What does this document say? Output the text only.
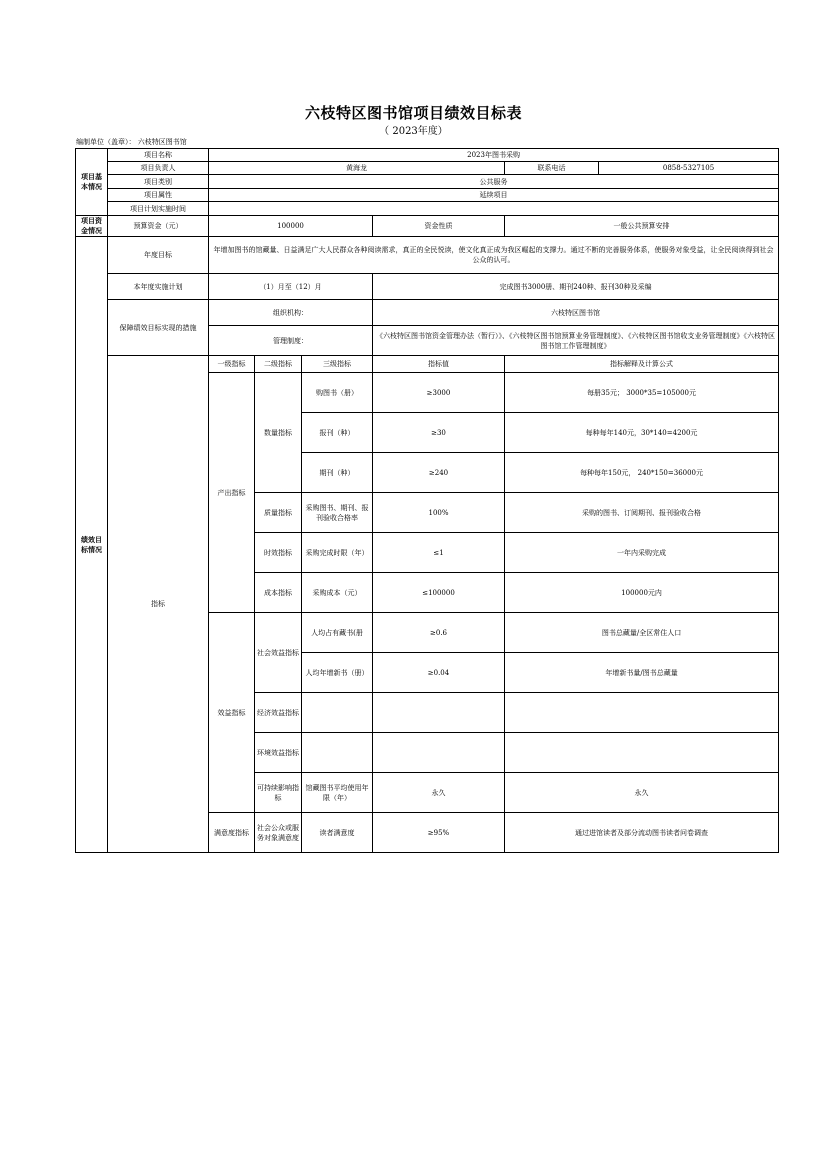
六枝特区图书馆项目绩效目标表
（ 2023年度）
编制单位（盖章）： 六枝特区图书馆
项目基本情况	项目名称	2023年图书采购					
	项目负责人	黄海龙				联系电话	0858-5327105
	项目类别	公共服务					
	项目属性	延续项目					
	项目计划实施时间						
项目资金情况	预算资金（元）	100000			资金性质	一般公共预算安排	
绩效目标情况	年度目标	年增加图书的馆藏量、日益满足广大人民群众各种阅读需求，真正的全民悦读，使文化真正成为我区崛起的支撑力。通过不断的完善服务体系，使服务对象受益，让全民阅读得到社会公众的认可。					
	本年度实施计划	（1）月至（12）月			完成图书3000册、期刊240种、报刊30种及采编		
	保障绩效目标实现的措施	组织机构：			六枝特区图书馆		
		管理制度：			《六枝特区图书馆资金管理办法（暂行）》、《六枝特区图书馆预算业务管理制度》、《六枝特区图书馆收支业务管理制度》《六枝特区图书馆工作管理制度》		
	指标	一级指标	二级指标	三级指标	指标值	指标解释及计算公式	
		产出指标	数量指标	购图书（册）	≥3000	每册35元； 3000*35=105000元	
				报刊（种）	≥30	每种每年140元，30*140=4200元	
				期刊（种）	≥240	每种每年150元， 240*150=36000元	
			质量指标	采购图书、期刊、报刊验收合格率	100%	采购的图书、订阅期刊、报刊验收合格	
			时效指标	采购完成时限（年）	≤1	一年内采购完成	
			成本指标	采购成本（元）	≤100000	100000元内	
		效益指标	社会效益指标	人均占有藏书(册	≥0.6	图书总藏量/全区常住人口	
				人均年增新书（册）	≥0.04	年增新书量/图书总藏量	
			经济效益指标				
			环境效益指标				
			可持续影响指标	馆藏图书平均使用年限（年）	永久	永久	
		满意度指标	社会公众或服务对象满意度	读者满意度	≥95%	通过进馆读者及部分流动图书读者问卷调查	
